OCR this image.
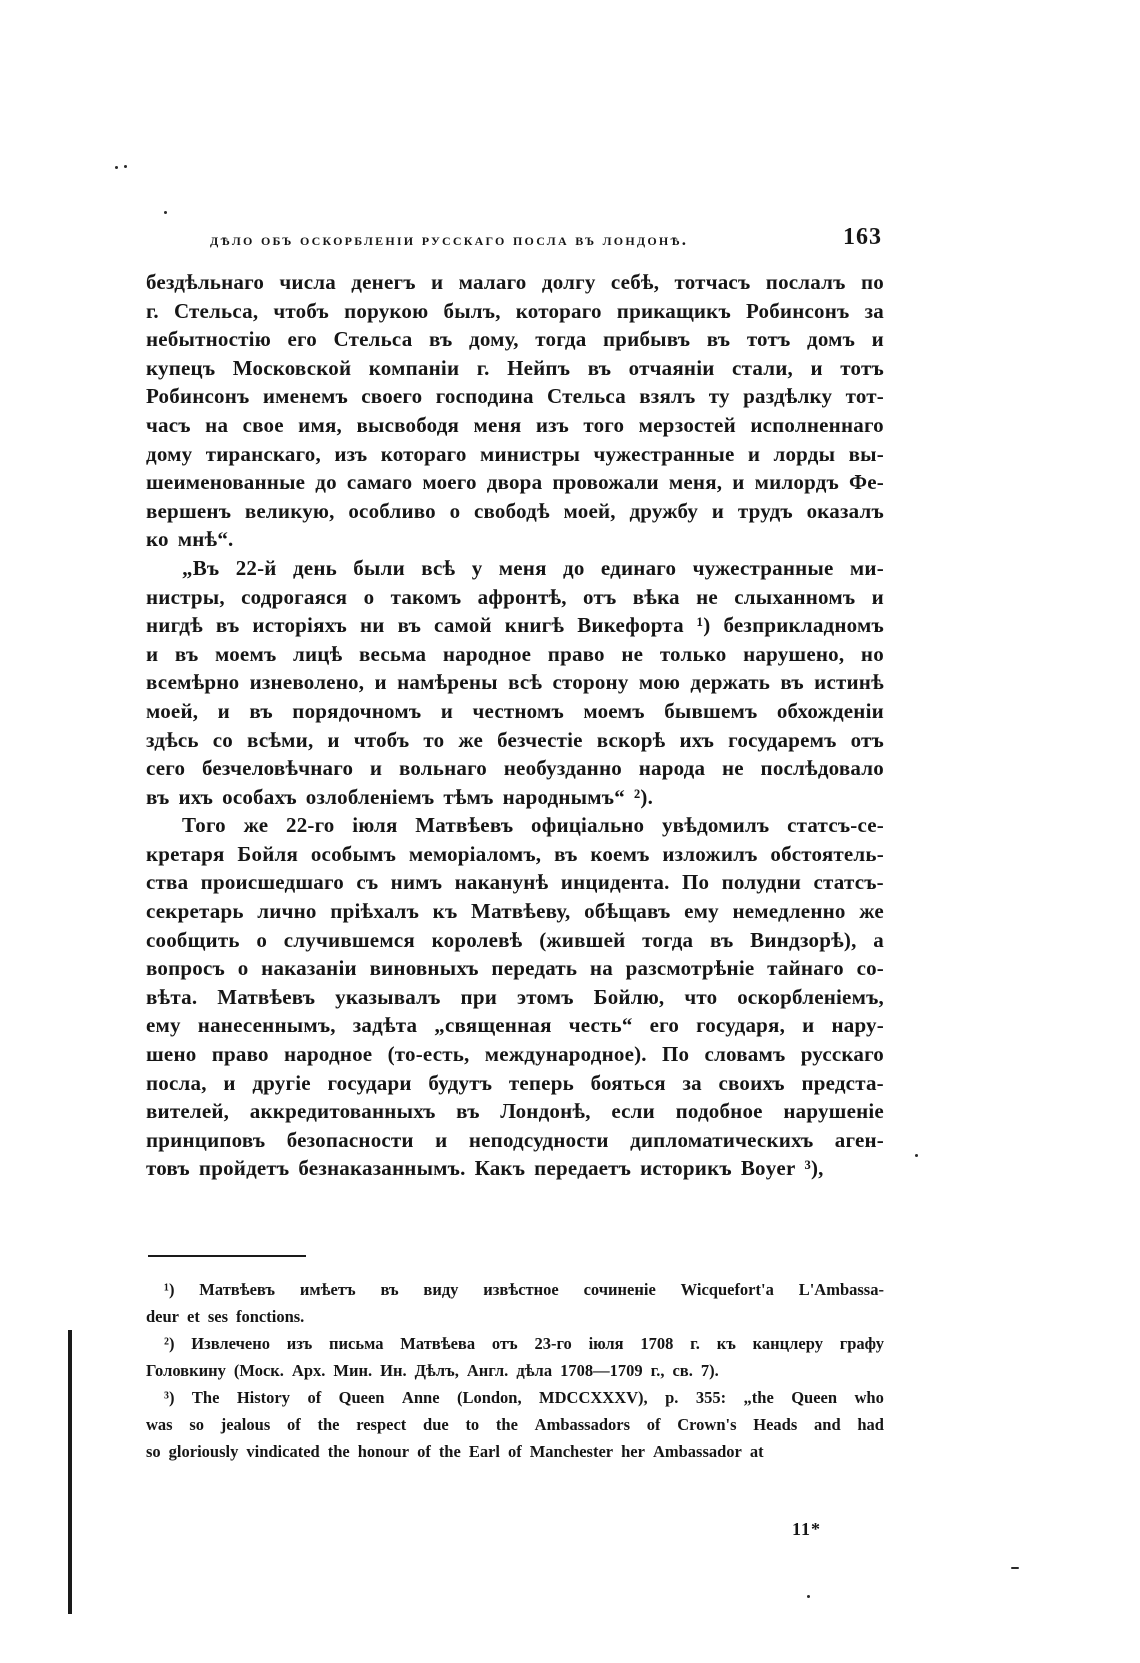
дѣло объ оскорбленіи русскаго посла въ лондонѣ.	163
бездѣльнаго числа денегъ и малаго долгу себѣ, тотчасъ послалъ по
г. Стельса, чтобъ порукою былъ, котораго прикащикъ Робинсонъ за
небытностію его Стельса въ дому, тогда прибывъ въ тотъ домъ и
купецъ Московской компаніи г. Нейпъ въ отчаяніи стали, и тотъ
Робинсонъ именемъ своего господина Стельса взялъ ту раздѣлку тот-
часъ на свое имя, высвободя меня изъ того мерзостей исполненнаго
дому тиранскаго, изъ котораго министры чужестранные и лорды вы-
шеименованные до самаго моего двора провожали меня, и милордъ Фе-
вершенъ великую, особливо о свободѣ моей, дружбу и трудъ оказалъ
ко мнѣ“.
„Въ 22-й день были всѣ у меня до единаго чужестранные ми-
нистры, содрогаяся о такомъ афронтѣ, отъ вѣка не слыханномъ и
нигдѣ въ исторіяхъ ни въ самой книгѣ Викефорта ¹) безприкладномъ
и въ моемъ лицѣ весьма народное право не только нарушено, но
всемѣрно изневолено, и намѣрены всѣ сторону мою держать въ истинѣ
моей, и въ порядочномъ и честномъ моемъ бывшемъ обхожденіи
здѣсь со всѣми, и чтобъ то же безчестіе вскорѣ ихъ государемъ отъ
сего безчеловѣчнаго и вольнаго необузданно народа не послѣдовало
въ ихъ особахъ озлобленіемъ тѣмъ народнымъ“ ²).
Того же 22-го іюля Матвѣевъ офиціально увѣдомилъ статсъ-се-
кретаря Бойля особымъ меморіаломъ, въ коемъ изложилъ обстоятель-
ства происшедшаго съ нимъ наканунѣ инцидента. По полудни статсъ-
секретарь лично пріѣхалъ къ Матвѣеву, обѣщавъ ему немедленно же
сообщить о случившемся королевѣ (жившей тогда въ Виндзорѣ), а
вопросъ о наказаніи виновныхъ передать на разсмотрѣніе тайнаго со-
вѣта. Матвѣевъ указывалъ при этомъ Бойлю, что оскорбленіемъ,
ему нанесеннымъ, задѣта „священная честь“ его государя, и нару-
шено право народное (то-есть, международное). По словамъ русскаго
посла, и другіе государи будутъ теперь бояться за своихъ предста-
вителей, аккредитованныхъ въ Лондонѣ, если подобное нарушеніе
принциповъ безопасности и неподсудности дипломатическихъ аген-
товъ пройдетъ безнаказаннымъ. Какъ передаетъ историкъ Boyer ³),
¹) Матвѣевъ имѣетъ въ виду извѣстное сочиненіе Wicquefort'a L'Ambassa-
deur et ses fonctions.
²) Извлечено изъ письма Матвѣева отъ 23-го іюля 1708 г. къ канцлеру графу
Головкину (Моск. Арх. Мин. Ин. Дѣлъ, Англ. дѣла 1708—1709 г., св. 7).
³) The History of Queen Anne (London, MDCCXXXV), p. 355: „the Queen who
was so jealous of the respect due to the Ambassadors of Crown's Heads and had
so gloriously vindicated the honour of the Earl of Manchester her Ambassador at
11*
